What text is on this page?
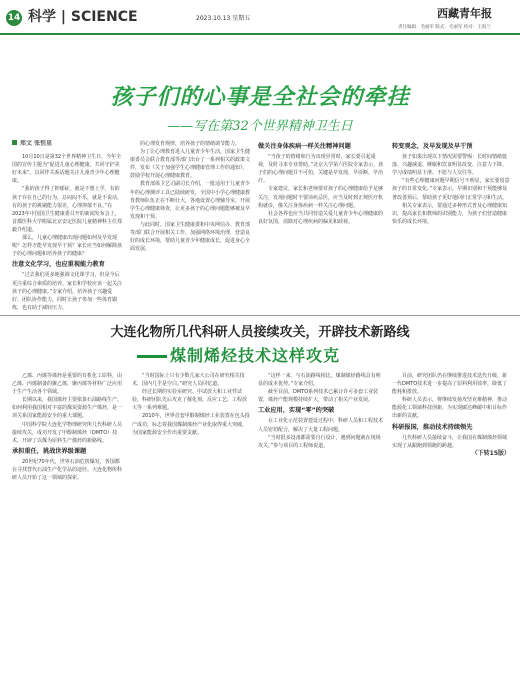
14 科学 | SCIENCE	2023.10.13 星期五	西藏青年报
责任编辑：毛丽军 版式：毛丽军 校对：王海兰
孩子们的心事是全社会的牵挂
——写在第32个世界精神卫生日
郑文 张恒星

10月10日是第32个世界精神卫生日，今年全国的宣传主题为“促进儿童心理健康，共同守护美好未来”。以同伴关系话题关注儿童青少年心理健康。

“我的孩子得了抑郁症，就是不想上学，有的孩子存在自己的行为，总闷闷不乐，就是不说话，有的孩子的挑剔能力很差，心理抑郁不良。”在2023年中国国卫生健康委召开的新闻发布会上，首都医科大学附属北京安定医院儿童精神科主任郑毅介绍道。

那么，儿童心理健康出现问题如何及早发现呢？怎样才能早发现早干预？家长应当如何解除孩子的心理问题和培养孩子的健康？

注意文化学习，也应重视能力教育

“过去我们更多地强调文化课学习，但是今后更注重综合素质的培养。家长和学校应该一起关注孩子的心理健康。”专家介绍，培养孩子兴趣爱好、团队协作能力，同时让孩子参加一些体育锻炼，也有助于减轻压力。

的心理发育规律，培养孩子的情绪调节能力。

为了让心理教育进入儿童青少年生活，国家卫生健康委员会联合教育部等部门出台了一系列相关的政策文件，发布《关于加强学生心理健康管理工作的通知》，鼓励学校开展心理健康教育。

教育部体卫艺司副司长介绍，一批适用于儿童青少年的心理测评工具已陆续研发，全国中小学心理健康教育教师队伍正在不断壮大，各地设置心理辅导室，开展学生心理健康筛查，让更多孩子的心理问题能够被及早发现和干预。

与此同时，国家卫生健康委和中央网信办、教育部等部门联合开展相关工作，加强网络环境治理，营造良好的成长环境，帮助儿童青少年健康成长，促进身心全面发展。

做关注身体疾病一样关注精神问题

“当孩子的情绪和行为出现异常时，家长要引起重视，及时寻求专业帮助。”北京大学第六医院专家表示，孩子们的心理问题并不可怕，关键是早发现、早诊断、早治疗。

专家建议，家长和老师要对孩子的心理健康给予足够关注，发现问题时不要讳疾忌医，应当及时到正规医疗机构就诊，像关注身体疾病一样关注心理问题。

社会各界也应当共同营造关爱儿童青少年心理健康的良好氛围，消除对心理疾病的偏见和歧视。

转变观念，及早发现及早干预

孩子如果出现以下情况需要警惕：长时间情绪低落、兴趣减退、睡眠和饮食明显改变、注意力下降、学习成绩明显下滑、不愿与人交往等。

“有些心理健康问题早期信号不明显，家长要留意孩子的日常变化。”专家表示，早期识别和干预能够显著改善预后，帮助孩子更好地回归正常学习和生活。

相关专家表示，要通过多种形式普及心理健康知识，提高家长和教师的识别能力，为孩子们营造健康快乐的成长环境。

大连化物所几代科研人员接续攻关，开辟技术新路线
煤制烯烃技术这样攻克

乙烯、丙烯等烯烃是重要的有机化工原料，由乙烯、丙烯制备的聚乙烯、聚丙烯等材料广泛应用于生产生活各个领域。

长期以来，我国烯烃主要依靠石油路线生产。如何利用我国相对丰富的煤炭资源生产烯烃，是一项关系国家能源安全的重大课题。

中国科学院大连化学物理研究所几代科研人员接续攻关，成功开发了甲醇制烯烃（DMTO）技术，开辟了以煤为原料生产烯烃的新路线。

承担重任，挑战世界级课题

20世纪70年代，世界石油危机爆发，各国都在寻找替代石油生产化学品的途径。大连化物所科研人员开始了这一领域的探索。

“当时国际上只有少数几家大公司在研究相关技术，国内几乎是空白。”研究人员回忆道。

经过长期的实验室研究、中试放大和工业性试验，科研团队先后攻克了催化剂、反应工艺、工程放大等一系列难题。

2010年，世界首套甲醇制烯烃工业装置在包头投产成功，标志着我国煤制烯烃产业化取得重大突破，为国家能源安全作出重要贡献。

“这样一来，与石油路线相比，煤制烯烃路线具有明显的成本优势。”专家介绍。

截至目前，DMTO系列技术已累计许可多套工业装置，烯烃产能规模持续扩大，带动了相关产业发展。

工业应用，实现“零”的突破

在工业化示范装置建设过程中，科研人员和工程技术人员密切配合，解决了大量工程问题。

“当时很多设备都需要自行设计，遇到问题就在现场攻关。”参与项目的工程师说道。

目前，研究团队仍在继续推进技术迭代升级，新一代DMTO技术进一步提高了原料利用效率，降低了能耗和排放。

科研人员表示，将继续发扬攻坚克难精神，推动能源化工领域科技创新，为实现碳达峰碳中和目标作出新的贡献。

科研报国，推动技术持续领先

几代科研人员接续奋斗，让我国在煤制烯烃领域实现了从跟跑到领跑的跨越。

（下转15版）
